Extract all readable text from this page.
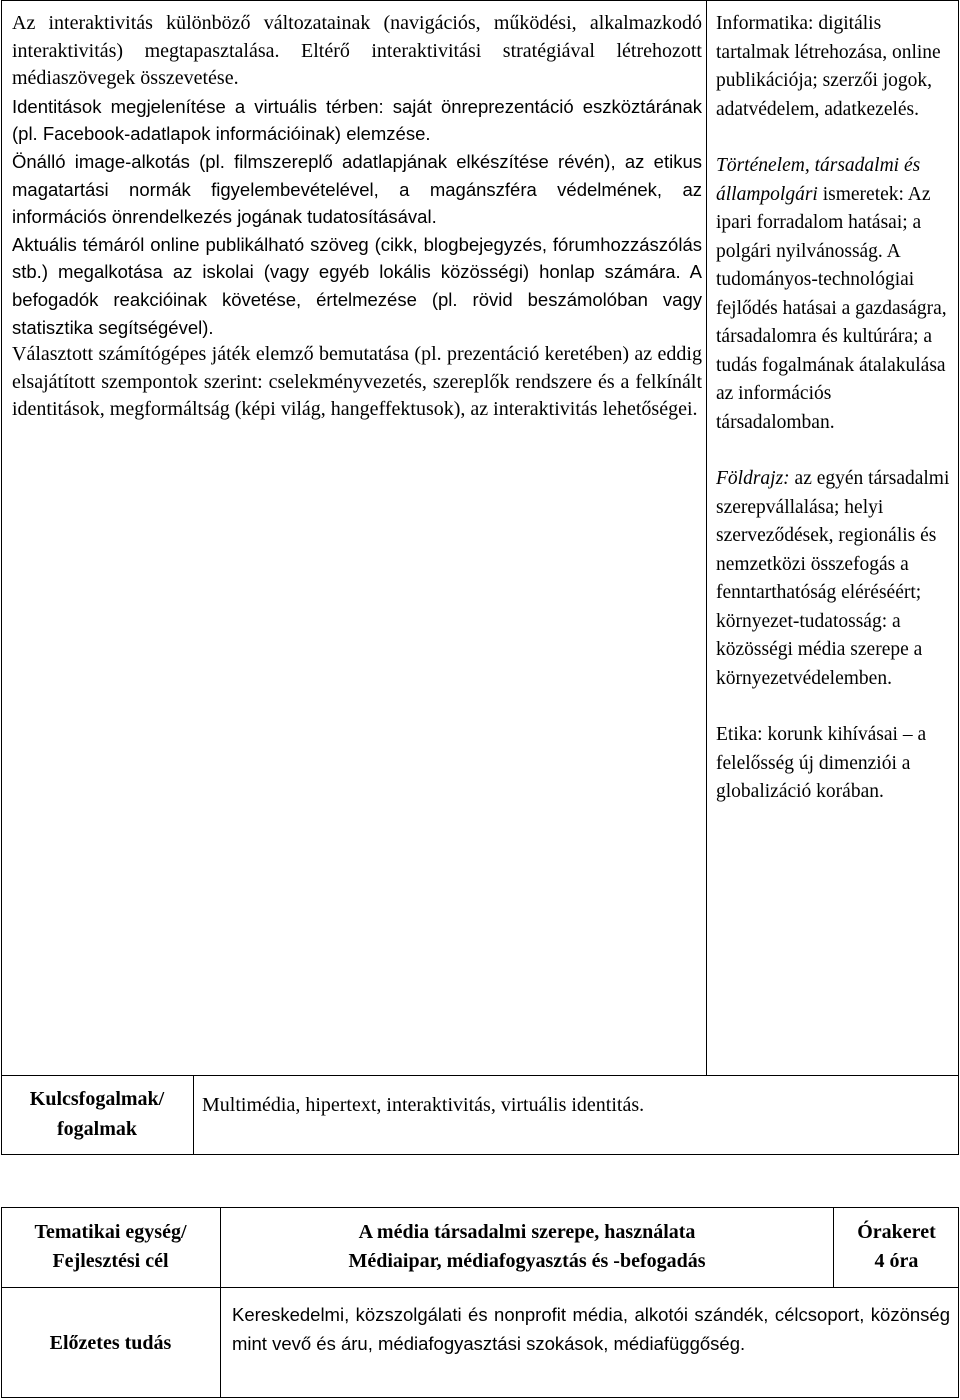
Az interaktivitás különböző változatainak (navigációs, működési, alkalmazkodó interaktivitás) megtapasztalása. Eltérő interaktivitási stratégiával létrehozott médiaszövegek összevetése.

Identitások megjelenítése a virtuális térben: saját önreprezentáció eszköztárának (pl. Facebook-adatlapok információinak) elemzése.

Önálló image-alkotás (pl. filmszereplő adatlapjának elkészítése révén), az etikus magatartási normák figyelembevételével, a magánszféra védelmének, az információs önrendelkezés jogának tudatosításával.

Aktuális témáról online publikálható szöveg (cikk, blogbejegyzés, fórumhozzászólás stb.) megalkotása az iskolai (vagy egyéb lokális közösségi) honlap számára. A befogadók reakcióinak követése, értelmezése (pl. rövid beszámolóban vagy statisztika segítségével).

Választott számítógépes játék elemző bemutatása (pl. prezentáció keretében) az eddig elsajátított szempontok szerint: cselekményvezetés, szereplők rendszere és a felkínált identitások, megformáltság (képi világ, hangeffektusok), az interaktivitás lehetőségei.

Informatika: digitális tartalmak létrehozása, online publikációja; szerzői jogok, adatvédelem, adatkezelés.

Történelem, társadalmi és állampolgári ismeretek: Az ipari forradalom hatásai; a polgári nyilvánosság. A tudományos-technológiai fejlődés hatásai a gazdaságra, társadalomra és kultúrára; a tudás fogalmának átalakulása az információs társadalomban.

Földrajz: az egyén társadalmi szerepvállalása; helyi szerveződések, regionális és nemzetközi összefogás a fenntarthatóság eléréséért; környezet-tudatosság: a közösségi média szerepe a környezetvédelemben.

Etika: korunk kihívásai – a felelősség új dimenziói a globalizáció korában.

Kulcsfogalmak/ fogalmak
Multimédia, hipertext, interaktivitás, virtuális identitás.
Tematikai egység/ Fejlesztési cél
A média társadalmi szerepe, használata
Médiaipar, médiafogyasztás és -befogadás
Órakeret
4 óra
Előzetes tudás
Kereskedelmi, közszolgálati és nonprofit média, alkotói szándék, célcsoport, közönség mint vevő és áru, médiafogyasztási szokások, médiafüggőség.
